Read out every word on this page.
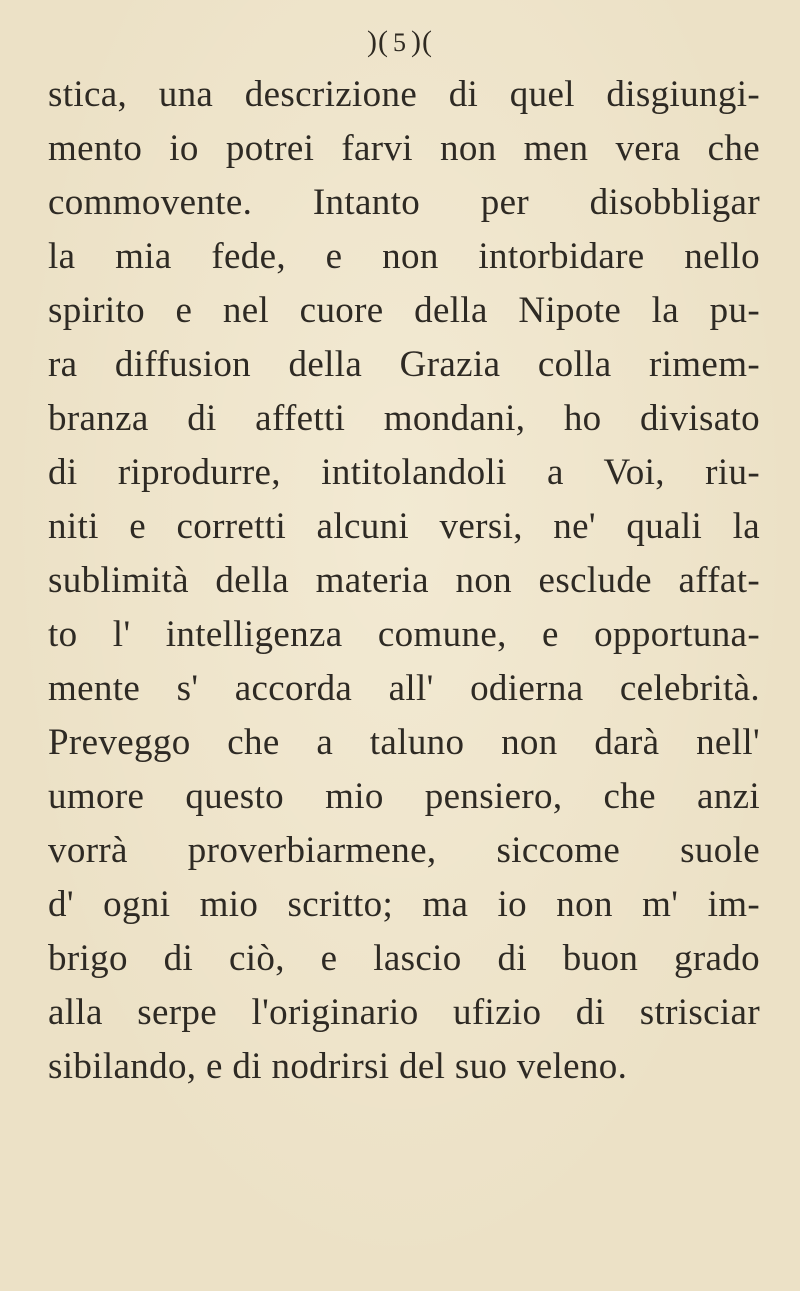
)( 5 )(
stica, una descrizione di quel disgiungi-
mento io potrei farvi non men vera che
commovente. Intanto per disobbligar
la mia fede, e non intorbidare nello
spirito e nel cuore della Nipote la pu-
ra diffusion della Grazia colla rimem-
branza di affetti mondani, ho divisato
di riprodurre, intitolandoli a Voi, riu-
niti e corretti alcuni versi, ne' quali la
sublimità della materia non esclude affat-
to l' intelligenza comune, e opportuna-
mente s' accorda all' odierna celebrità.
Preveggo che a taluno non darà nell'
umore questo mio pensiero, che anzi
vorrà proverbiarmene, siccome suole
d' ogni mio scritto; ma io non m' im-
brigo di ciò, e lascio di buon grado
alla serpe l'originario ufizio di strisciar
sibilando, e di nodrirsi del suo veleno.
